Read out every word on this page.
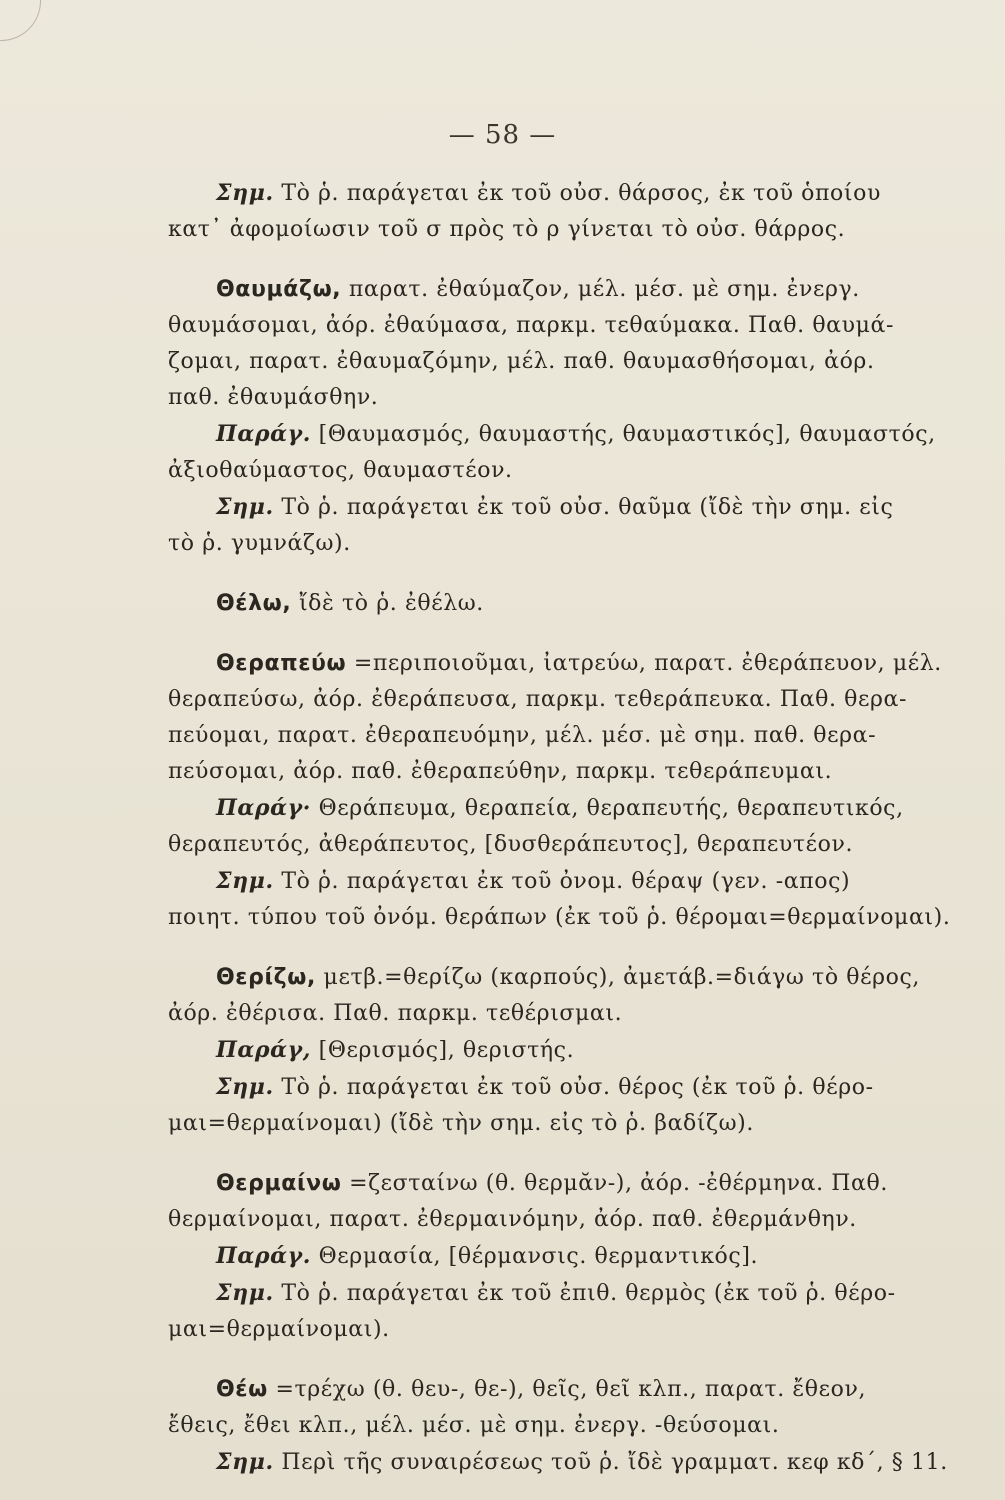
— 58 —
Σημ. Τὸ ῥ. παράγεται ἐκ τοῦ οὐσ. θάρσος, ἐκ τοῦ ὁποίου
κατ᾽ ἀφομοίωσιν τοῦ σ πρὸς τὸ ρ γίνεται τὸ οὐσ. θάρρος.
Θαυμάζω, παρατ. ἐθαύμαζον, μέλ. μέσ. μὲ σημ. ἐνεργ.
θαυμάσομαι, ἀόρ. ἐθαύμασα, παρκμ. τεθαύμακα. Παθ. θαυμά-
ζομαι, παρατ. ἐθαυμαζόμην, μέλ. παθ. θαυμασθήσομαι, ἀόρ.
παθ. ἐθαυμάσθην.
Παράγ. [Θαυμασμός, θαυμαστής, θαυμαστικός], θαυμαστός,
ἀξιοθαύμαστος, θαυμαστέον.
Σημ. Τὸ ῥ. παράγεται ἐκ τοῦ οὐσ. θαῦμα (ἴδὲ τὴν σημ. εἰς
τὸ ῥ. γυμνάζω).
Θέλω, ἴδὲ τὸ ῥ. ἐθέλω.
Θεραπεύω =περιποιοῦμαι, ἰατρεύω, παρατ. ἐθεράπευον, μέλ.
θεραπεύσω, ἀόρ. ἐθεράπευσα, παρκμ. τεθεράπευκα. Παθ. θερα-
πεύομαι, παρατ. ἐθεραπευόμην, μέλ. μέσ. μὲ σημ. παθ. θερα-
πεύσομαι, ἀόρ. παθ. ἐθεραπεύθην, παρκμ. τεθεράπευμαι.
Παράγ· Θεράπευμα, θεραπεία, θεραπευτής, θεραπευτικός,
θεραπευτός, ἀθεράπευτος, [δυσθεράπευτος], θεραπευτέον.
Σημ. Τὸ ῥ. παράγεται ἐκ τοῦ ὀνομ. θέραψ (γεν. -απος)
ποιητ. τύπου τοῦ ὀνόμ. θεράπων (ἐκ τοῦ ῥ. θέρομαι=θερμαίνομαι).
Θερίζω, μετβ.=θερίζω (καρπούς), ἀμετάβ.=διάγω τὸ θέρος,
ἀόρ. ἐθέρισα. Παθ. παρκμ. τεθέρισμαι.
Παράγ, [Θερισμός], θεριστής.
Σημ. Τὸ ῥ. παράγεται ἐκ τοῦ οὐσ. θέρος (ἐκ τοῦ ῥ. θέρο-
μαι=θερμαίνομαι) (ἴδὲ τὴν σημ. εἰς τὸ ῥ. βαδίζω).
Θερμαίνω =ζεσταίνω (θ. θερμᾰν-), ἀόρ. -ἐθέρμηνα. Παθ.
θερμαίνομαι, παρατ. ἐθερμαινόμην, ἀόρ. παθ. ἐθερμάνθην.
Παράγ. Θερμασία, [θέρμανσις. θερμαντικός].
Σημ. Τὸ ῥ. παράγεται ἐκ τοῦ ἐπιθ. θερμὸς (ἐκ τοῦ ῥ. θέρο-
μαι=θερμαίνομαι).
Θέω =τρέχω (θ. θευ-, θε-), θεῖς, θεῖ κλπ., παρατ. ἔθεον,
ἔθεις, ἔθει κλπ., μέλ. μέσ. μὲ σημ. ἐνεργ. -θεύσομαι.
Σημ. Περὶ τῆς συναιρέσεως τοῦ ῥ. ἴδὲ γραμματ. κεφ κδ΄, § 11.
